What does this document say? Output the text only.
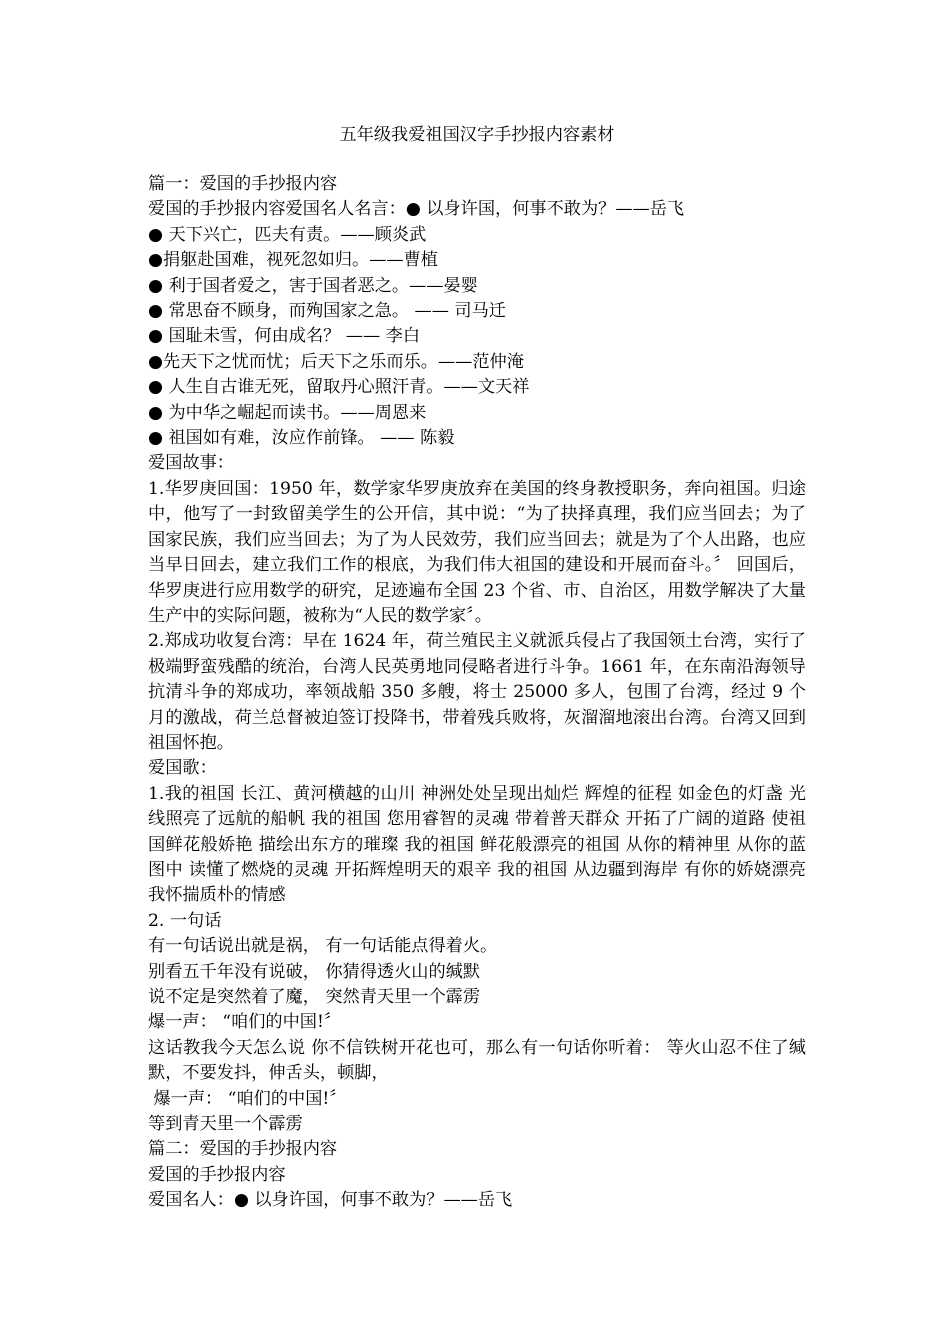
五年级我爱祖国汉字手抄报内容素材
篇一：爱国的手抄报内容
爱国的手抄报内容爱国名人名言：● 以身许国，何事不敢为？——岳飞
● 天下兴亡，匹夫有责。——顾炎武
●捐躯赴国难，视死忽如归。——曹植
● 利于国者爱之，害于国者恶之。——晏婴
● 常思奋不顾身，而殉国家之急。 —— 司马迁
● 国耻未雪，何由成名？ —— 李白
●先天下之忧而忧；后天下之乐而乐。——范仲淹
● 人生自古谁无死，留取丹心照汗青。——文天祥
● 为中华之崛起而读书。——周恩来
● 祖国如有难，汝应作前锋。 —— 陈毅
爱国故事：
1.华罗庚回国：1950 年，数学家华罗庚放弃在美国的终身教授职务，奔向祖国。归途中，他写了一封致留美学生的公开信，其中说：“为了抉择真理，我们应当回去；为了国家民族，我们应当回去；为了为人民效劳，我们应当回去；就是为了个人出路，也应当早日回去，建立我们工作的根底，为我们伟大祖国的建设和开展而奋斗。〞 回国后，华罗庚进行应用数学的研究，足迹遍布全国 23 个省、市、自治区，用数学解决了大量生产中的实际问题，被称为“人民的数学家〞。
2.郑成功收复台湾：早在 1624 年，荷兰殖民主义就派兵侵占了我国领土台湾，实行了极端野蛮残酷的统治，台湾人民英勇地同侵略者进行斗争。1661 年，在东南沿海领导抗清斗争的郑成功，率领战船 350 多艘，将士 25000 多人，包围了台湾，经过 9 个月的激战，荷兰总督被迫签订投降书，带着残兵败将，灰溜溜地滚出台湾。台湾又回到祖国怀抱。
爱国歌：
1.我的祖国 长江、黄河横越的山川 神洲处处呈现出灿烂 辉煌的征程 如金色的灯盏 光线照亮了远航的船帆 我的祖国 您用睿智的灵魂 带着普天群众 开拓了广阔的道路 使祖国鲜花般娇艳 描绘出东方的璀璨 我的祖国 鲜花般漂亮的祖国 从你的精神里 从你的蓝图中 读懂了燃烧的灵魂 开拓辉煌明天的艰辛 我的祖国 从边疆到海岸 有你的娇娆漂亮 我怀揣质朴的情感
2. 一句话
有一句话说出就是祸， 有一句话能点得着火。
别看五千年没有说破， 你猜得透火山的缄默
说不定是突然着了魔， 突然青天里一个霹雳
爆一声： “咱们的中国!〞
这话教我今天怎么说 你不信铁树开花也可，那么有一句话你听着： 等火山忍不住了缄默，不要发抖，伸舌头，顿脚，
爆一声： “咱们的中国!〞
等到青天里一个霹雳
篇二：爱国的手抄报内容
爱国的手抄报内容
爱国名人：● 以身许国，何事不敢为？——岳飞
